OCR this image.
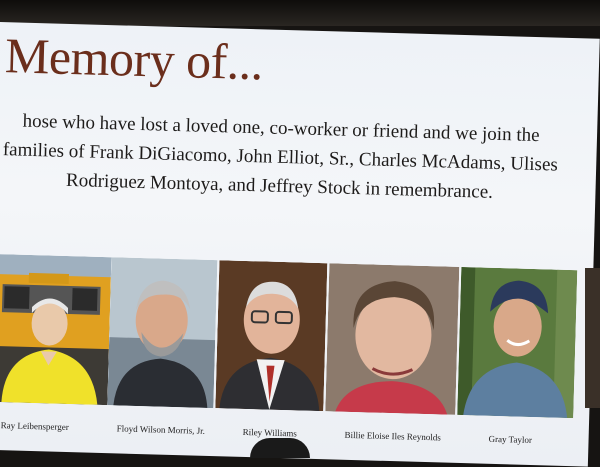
Memory of...
hose who have lost a loved one, co-worker or friend and we join the families of Frank DiGiacomo, John Elliot, Sr., Charles McAdams, Ulises Rodriguez Montoya, and Jeffrey Stock in remembrance.
Ray Leibensperger	Floyd Wilson Morris, Jr.	Riley Williams	Billie Eloise Iles Reynolds	Gray Taylor
